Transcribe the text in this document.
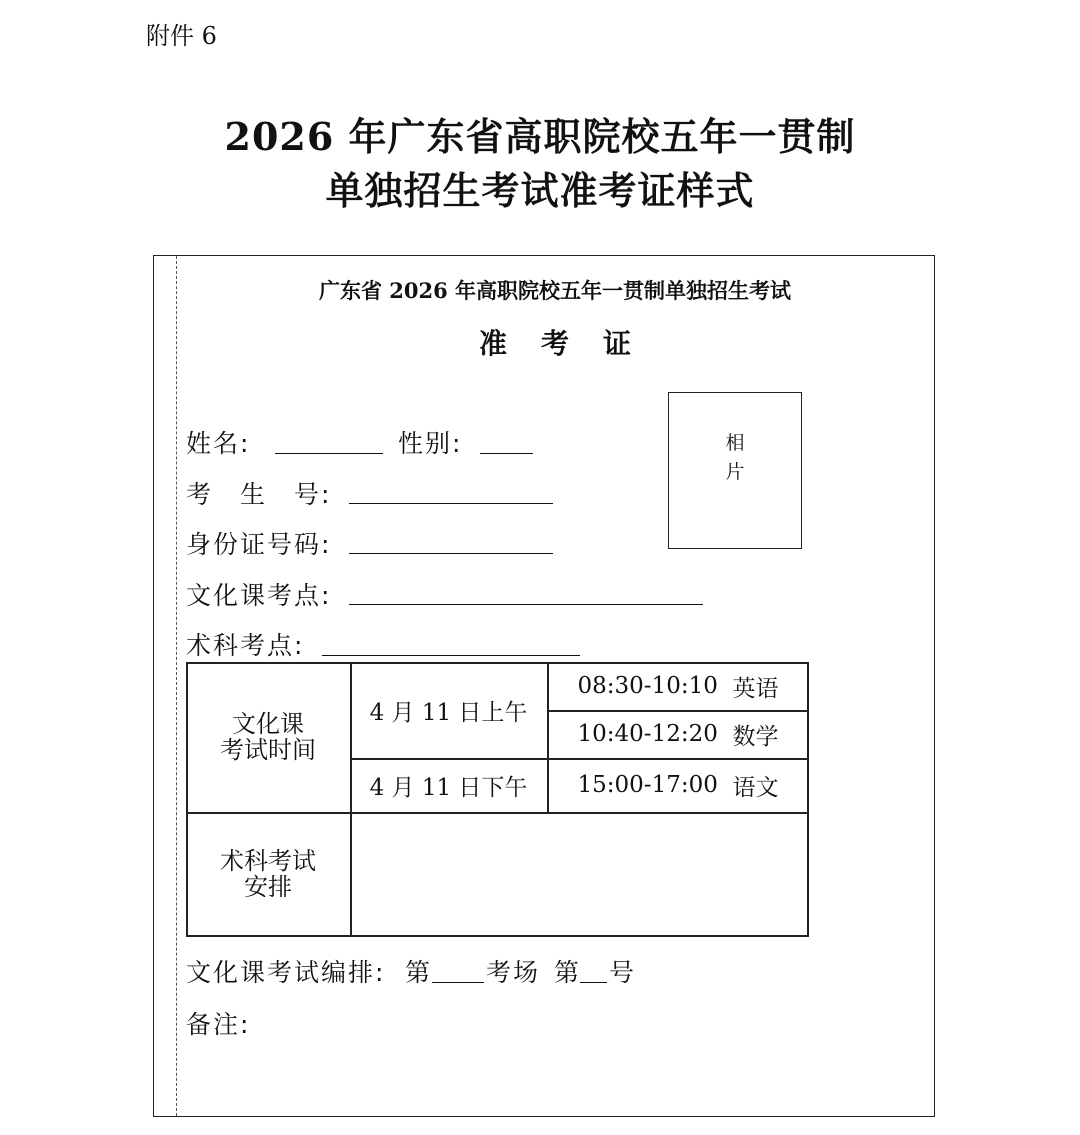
附件 6
2026 年广东省高职院校五年一贯制
单独招生考试准考证样式
广东省 2026 年高职院校五年一贯制单独招生考试
准考证
相
片
姓名:	性别:
考　生　号:
身份证号码:
文化课考点:
术科考点:
文化课
考试时间
4 月 11 日上午
4 月 11 日下午
08:30-10:10
英语
10:40-12:20
数学
15:00-17:00
语文
术科考试
安排
文化课考试编排: 第 考场 第 号
备注:
